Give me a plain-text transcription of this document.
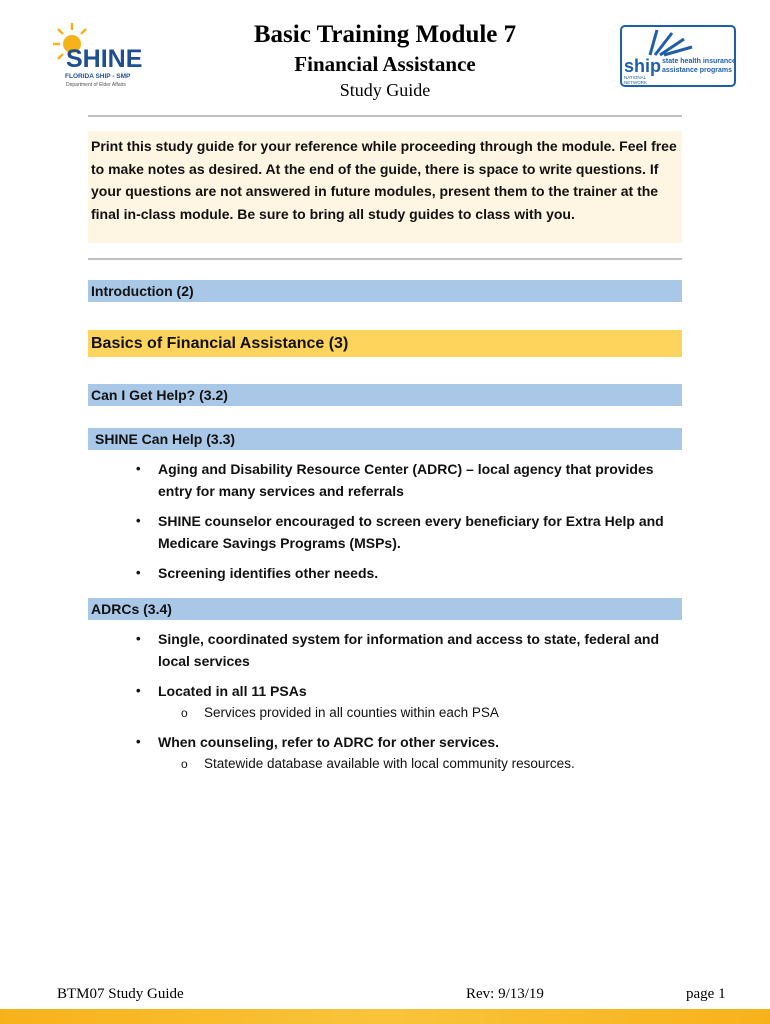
SHINE
FLORIDA SHIP - SMP
Department of Elder Affairs
Basic Training Module 7
Financial Assistance
Study Guide
ship state health insurance
assistance programs
NATIONAL
NETWORK
Print this study guide for your reference while proceeding through the module. Feel free to make notes as desired. At the end of the guide, there is space to write questions. If your questions are not answered in future modules, present them to the trainer at the final in-class module. Be sure to bring all study guides to class with you.
Introduction (2)
Basics of Financial Assistance (3)
Can I Get Help? (3.2)
SHINE Can Help (3.3)
• Aging and Disability Resource Center (ADRC) – local agency that provides entry for many services and referrals
• SHINE counselor encouraged to screen every beneficiary for Extra Help and Medicare Savings Programs (MSPs).
• Screening identifies other needs.
ADRCs (3.4)
• Single, coordinated system for information and access to state, federal and local services
• Located in all 11 PSAs
o Services provided in all counties within each PSA
• When counseling, refer to ADRC for other services.
o Statewide database available with local community resources.
BTM07 Study Guide	Rev: 9/13/19	page 1
